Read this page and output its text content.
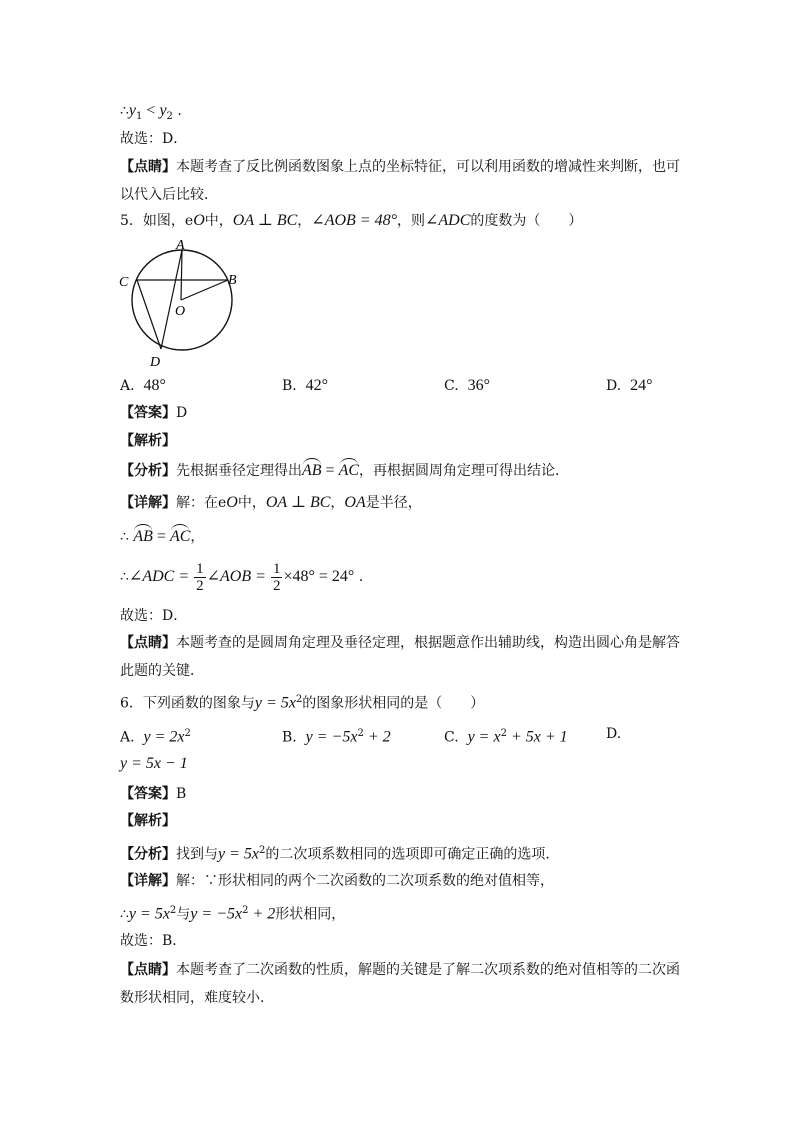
$\therefore y_1 < y_2$ .
故选：D．
【点睛】本题考查了反比例函数图象上点的坐标特征，可以利用函数的增减性来判断，也可
以代入后比较．
5．如图，eO中，OA ⊥ BC，∠AOB = 48°，则∠ADC的度数为（　　）
A
B
C
D
O
A. 48°	B. 42°	C. 36°	D. 24°
【答案】D
【解析】
【分析】先根据垂径定理得出AB = AC，再根据圆周角定理可得出结论．
【详解】解：在eO中，OA ⊥ BC，OA是半径，
∴ AB = AC，
∴∠ADC = $\frac{1}{2}$ ∠AOB = $\frac{1}{2} \times 48^\circ = 24^\circ$ .
故选：D．
【点睛】本题考查的是圆周角定理及垂径定理，根据题意作出辅助线，构造出圆心角是解答
此题的关键．
6．下列函数的图象与$y = 5x^2$的图象形状相同的是（　　）
A. $y = 2x^2$	B. $y = -5x^2 + 2$	C. $y = x^2 + 5x + 1$	D.
y = 5x − 1
【答案】B
【解析】
【分析】找到与$y = 5x^2$的二次项系数相同的选项即可确定正确的选项．
【详解】解：∵形状相同的两个二次函数的二次项系数的绝对值相等，
∴y = $5x^2$与$y = -5x^2 + 2$形状相同，
故选：B．
【点睛】本题考查了二次函数的性质，解题的关键是了解二次项系数的绝对值相等的二次函
数形状相同，难度较小．
